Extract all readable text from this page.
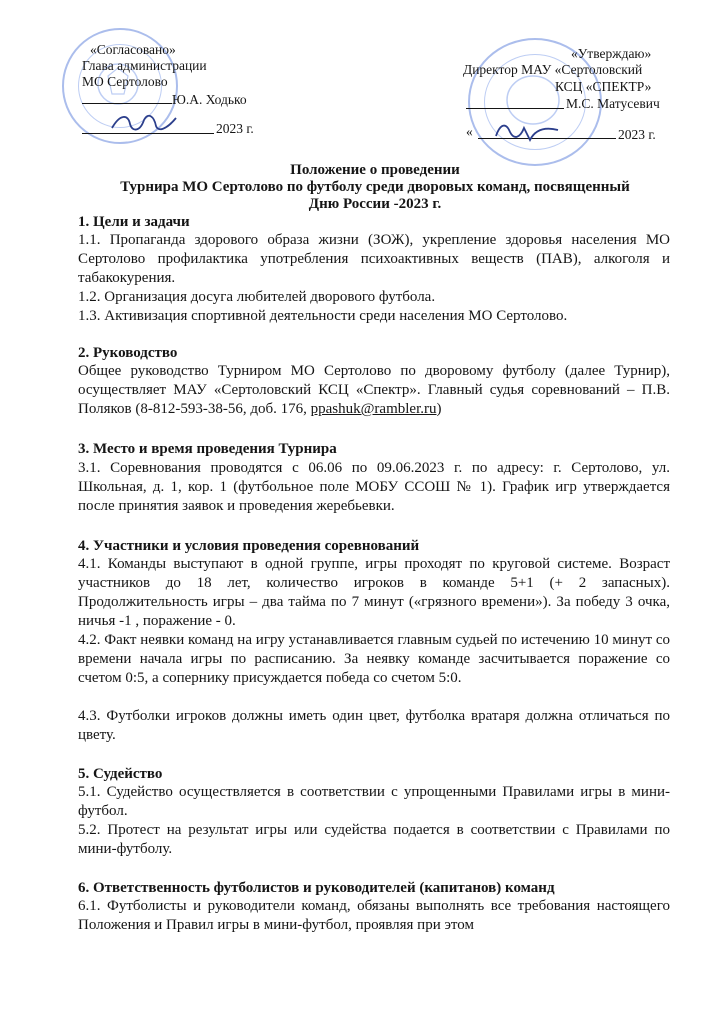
«Согласовано»
Глава администрации
МО Сертолово
Ю.А. Ходько
2023 г.
«Утверждаю»
Директор МАУ «Сертоловский
КСЦ «СПЕКТР»
М.С. Матусевич
«	2023 г.
Положение о проведении
Турнира МО Сертолово по футболу среди дворовых команд, посвященный
Дню России -2023 г.
1. Цели и задачи
1.1. Пропаганда здорового образа жизни (ЗОЖ), укрепление здоровья населения МО Сертолово профилактика употребления психоактивных веществ (ПАВ), алкоголя и табакокурения.
1.2. Организация досуга любителей дворового футбола.
1.3. Активизация спортивной деятельности среди населения МО Сертолово.
2. Руководство
Общее руководство Турниром МО Сертолово по дворовому футболу (далее Турнир), осуществляет МАУ «Сертоловский КСЦ «Спектр». Главный судья соревнований – П.В. Поляков (8-812-593-38-56, доб. 176, ppashuk@rambler.ru)
3. Место и время проведения Турнира
3.1. Соревнования проводятся с 06.06 по 09.06.2023 г. по адресу: г. Сертолово, ул. Школьная, д. 1, кор. 1 (футбольное поле МОБУ ССОШ № 1). График игр утверждается после принятия заявок и проведения жеребьевки.
4. Участники и условия проведения соревнований
4.1. Команды выступают в одной группе, игры проходят по круговой системе. Возраст участников до 18 лет, количество игроков в команде 5+1 (+ 2 запасных). Продолжительность игры – два тайма по 7 минут («грязного времени»). За победу 3 очка, ничья -1 , поражение - 0.
4.2. Факт неявки команд на игру устанавливается главным судьей по истечению 10 минут со времени начала игры по расписанию. За неявку команде засчитывается поражение со счетом 0:5, а сопернику присуждается победа со счетом 5:0.
4.3. Футболки игроков должны иметь один цвет, футболка вратаря должна отличаться по цвету.
5. Судейство
5.1. Судейство осуществляется в соответствии с упрощенными Правилами игры в мини-футбол.
5.2. Протест на результат игры или судейства подается в соответствии с Правилами по мини-футболу.
6. Ответственность футболистов и руководителей (капитанов) команд
6.1. Футболисты и руководители команд, обязаны выполнять все требования настоящего Положения и Правил игры в мини-футбол, проявляя при этом
